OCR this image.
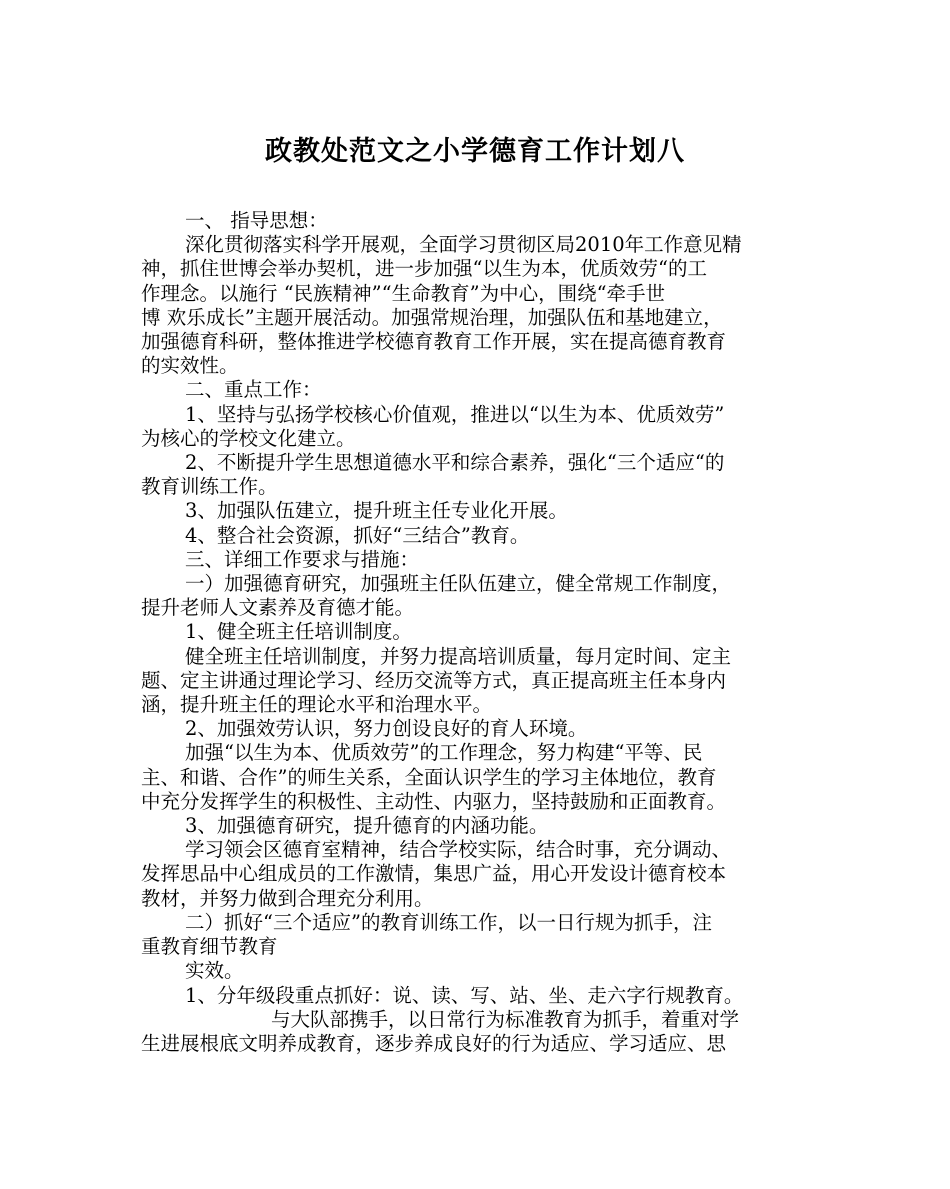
政教处范文之小学德育工作计划八

一、 指导思想：

深化贯彻落实科学开展观，全面学习贯彻区局2010年工作意见精

神，抓住世博会举办契机，进一步加强“以生为本，优质效劳“的工

作理念。以施行 “民族精神”“生命教育”为中心，围绕“牵手世

博 欢乐成长”主题开展活动。加强常规治理，加强队伍和基地建立，

加强德育科研，整体推进学校德育教育工作开展，实在提高德育教育

的实效性。

二、重点工作：

1、坚持与弘扬学校核心价值观，推进以“以生为本、优质效劳”

为核心的学校文化建立。

2、不断提升学生思想道德水平和综合素养，强化“三个适应“的

教育训练工作。

3、加强队伍建立，提升班主任专业化开展。

4、整合社会资源，抓好“三结合”教育。

三、详细工作要求与措施：

一）加强德育研究，加强班主任队伍建立，健全常规工作制度，

提升老师人文素养及育德才能。

1、健全班主任培训制度。

健全班主任培训制度，并努力提高培训质量，每月定时间、定主

题、定主讲通过理论学习、经历交流等方式，真正提高班主任本身内

涵，提升班主任的理论水平和治理水平。

2、加强效劳认识，努力创设良好的育人环境。

加强“以生为本、优质效劳”的工作理念，努力构建“平等、民

主、和谐、合作”的师生关系，全面认识学生的学习主体地位，教育

中充分发挥学生的积极性、主动性、内驱力，坚持鼓励和正面教育。

3、加强德育研究，提升德育的内涵功能。

学习领会区德育室精神，结合学校实际，结合时事，充分调动、

发挥思品中心组成员的工作激情，集思广益，用心开发设计德育校本

教材，并努力做到合理充分利用。

二）抓好“三个适应”的教育训练工作，以一日行规为抓手，注

重教育细节教育

实效。

1、分年级段重点抓好：说、读、写、站、坐、走六字行规教育。

与大队部携手，以日常行为标准教育为抓手，着重对学

生进展根底文明养成教育，逐步养成良好的行为适应、学习适应、思
